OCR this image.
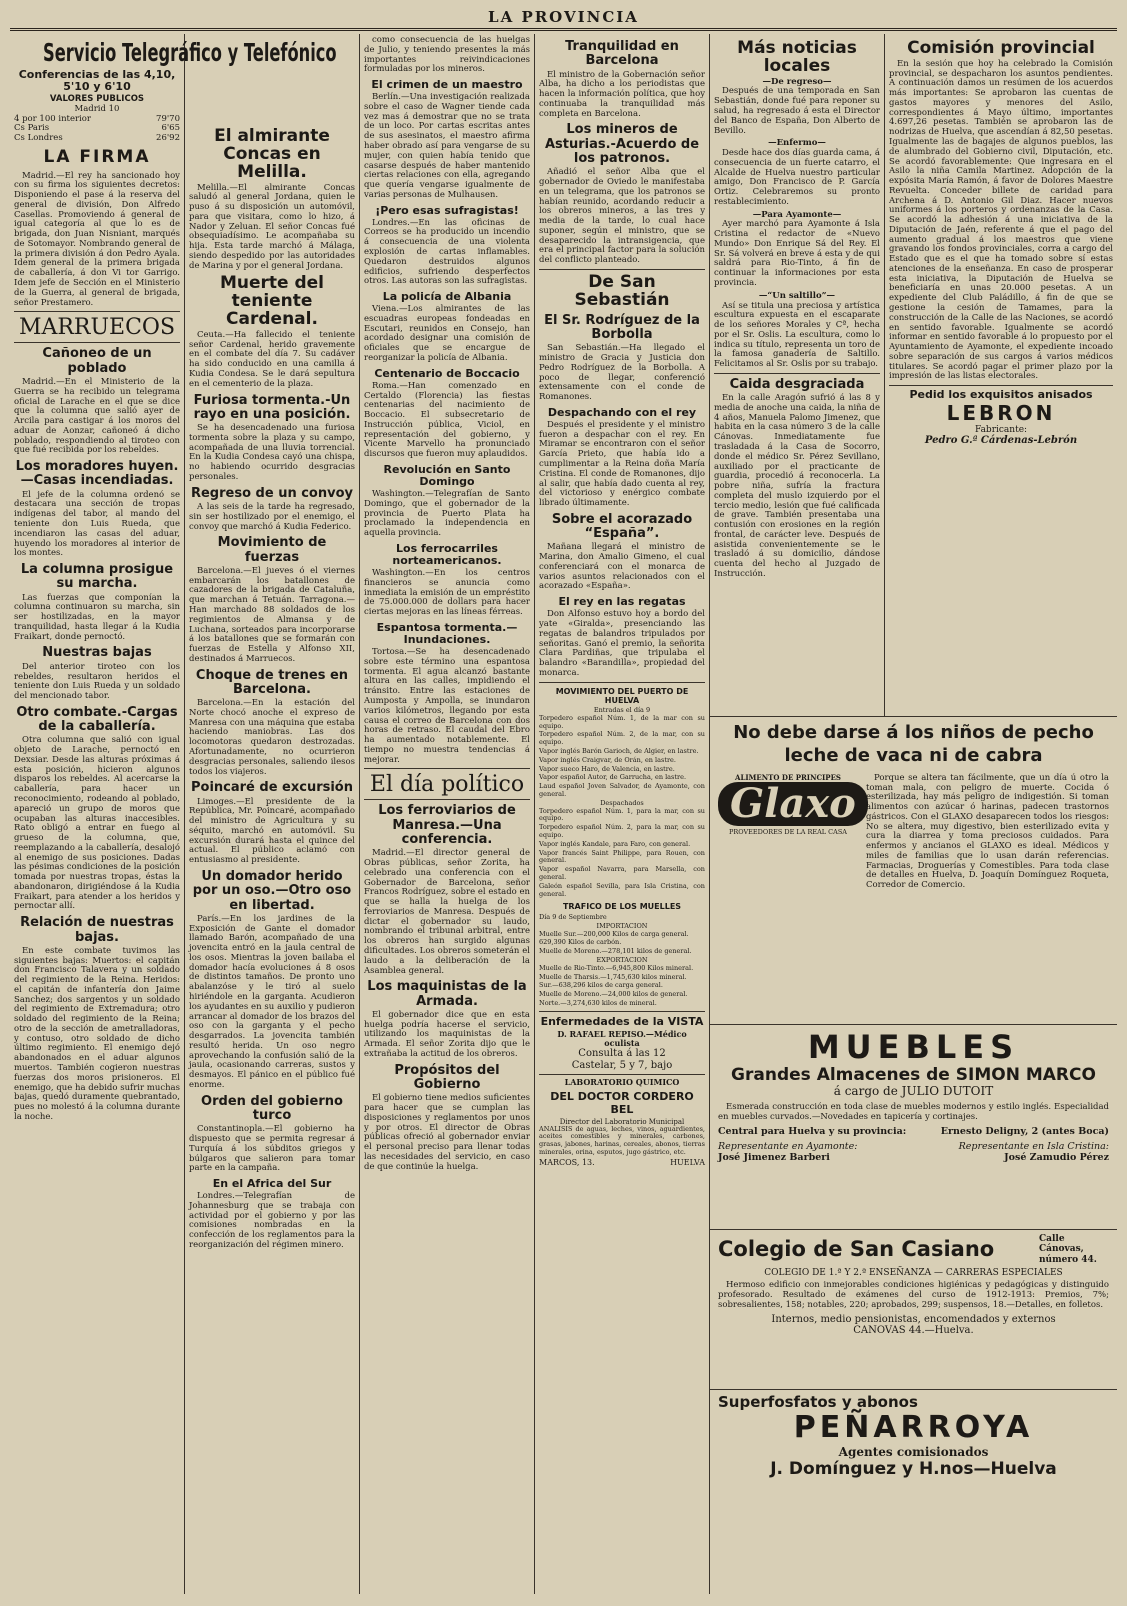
LA PROVINCIA
Servicio Telegráfico y Telefónico
Conferencias de las 4,10, 5'10 y 6'10
VALORES PUBLICOS
Madrid 10
4 por 100 interior	79'70
Cs Paris	6'65
Cs Londres	26'92
LA FIRMA

Madrid.—El rey ha sancionado hoy con su firma los siguientes decretos: Disponiendo el pase á la reserva del general de división, Don Alfredo Casellas. Promoviendo á general de igual categoría al que lo es de brigada, don Juan Nisniant, marqués de Sotomayor. Nombrando general de la primera división á don Pedro Ayala. Idem general de la primera brigada de caballería, á don Vi tor Garrigo. Idem jefe de Sección en el Ministerio de la Guerra, al general de brigada, señor Prestamero.

MARRUECOS
Cañoneo de un poblado

Madrid.—En el Ministerio de la Guerra se ha recibido un telegrama oficial de Larache en el que se dice que la columna que salió ayer de Arcila para castigar á los moros del aduar de Aonzar, cañoneó á dicho poblado, respondiendo al tiroteo con que fué recibida por los rebeldes.

Los moradores huyen.—Casas incendiadas.

El jefe de la columna ordenó se destacara una sección de tropas indígenas del tabor, al mando del teniente don Luis Rueda, que incendiaron las casas del aduar, huyendo los moradores al interior de los montes.

La columna prosigue su marcha.

Las fuerzas que componían la columna continuaron su marcha, sin ser hostilizadas, en la mayor tranquilidad, hasta llegar á la Kudia Fraikart, donde pernoctó.

Nuestras bajas

Del anterior tiroteo con los rebeldes, resultaron heridos el teniente don Luis Rueda y un soldado del mencionado tabor.

Otro combate.-Cargas de la caballería.

Otra columna que salió con igual objeto de Larache, pernoctó en Dexsiar. Desde las alturas próximas á esta posición, hicieron algunos disparos los rebeldes. Al acercarse la caballería, para hacer un reconocimiento, rodeando al poblado, apareció un grupo de moros que ocupaban las alturas inaccesibles. Rato obligó a entrar en fuego al grueso de la columna, que, reemplazando a la caballería, desalojó al enemigo de sus posiciones. Dadas las pésimas condiciones de la posición tomada por nuestras tropas, éstas la abandonaron, dirigiéndose á la Kudia Fraikart, para atender a los heridos y pernoctar allí.

Relación de nuestras bajas.

En este combate tuvimos las siguientes bajas: Muertos: el capitán don Francisco Talavera y un soldado del regimiento de la Reina. Heridos: el capitán de infantería don Jaime Sanchez; dos sargentos y un soldado del regimiento de Extremadura; otro soldado del regimiento de la Reina; otro de la sección de ametralladoras, y contuso, otro soldado de dicho último regimiento. El enemigo dejó abandonados en el aduar algunos muertos. También cogieron nuestras fuerzas dos moros prisioneros. El enemigo, que ha debido sufrir muchas bajas, quedó duramente quebrantado, pues no molestó á la columna durante la noche.

El almirante Concas en Melilla.

Melilla.—El almirante Concas saludó al general Jordana, quien le puso á su disposición un automóvil, para que visitara, como lo hizo, á Nador y Zeluan. El señor Concas fué obsequiadísimo. Le acompañaba su hija. Esta tarde marchó á Málaga, siendo despedido por las autoridades de Marina y por el general Jordana.

Muerte del teniente Cardenal.

Ceuta.—Ha fallecido el teniente señor Cardenal, herido gravemente en el combate del día 7. Su cadáver ha sido conducido en una camilla á Kudia Condesa. Se le dará sepultura en el cementerio de la plaza.

Furiosa tormenta.-Un rayo en una posición.

Se ha desencadenado una furiosa tormenta sobre la plaza y su campo, acompañada de una lluvia torrencial. En la Kudia Condesa cayó una chispa, no habiendo ocurrido desgracias personales.

Regreso de un convoy

A las seis de la tarde ha regresado, sin ser hostilizado por el enemigo, el convoy que marchó á Kudia Federico.

Movimiento de fuerzas

Barcelona.—El jueves ó el viernes embarcarán los batallones de cazadores de la brigada de Cataluña, que marchan á Tetuán. Tarragona.—Han marchado 88 soldados de los regimientos de Almansa y de Luchana, sorteados para incorporarse á los batallones que se formarán con fuerzas de Estella y Alfonso XII, destinados á Marruecos.

Choque de trenes en Barcelona.

Barcelona.—En la estación del Norte chocó anoche el expreso de Manresa con una máquina que estaba haciendo maniobras. Las dos locomotoras quedaron destrozadas. Afortunadamente, no ocurrieron desgracias personales, saliendo ilesos todos los viajeros.

Poincaré de excursión

Limoges.—El presidente de la República, Mr. Poincaré, acompañado del ministro de Agricultura y su séquito, marchó en automóvil. Su excursión durará hasta el quince del actual. El público aclamó con entusiasmo al presidente.

Un domador herido por un oso.—Otro oso en libertad.

París.—En los jardines de la Exposición de Gante el domador llamado Barón, acompañado de una jovencita entró en la jaula central de los osos. Mientras la joven bailaba el domador hacía evoluciones á 8 osos de distintos tamaños. De pronto uno abalanzóse y le tiró al suelo hiriéndole en la garganta. Acudieron los ayudantes en su auxilio y pudieron arrancar al domador de los brazos del oso con la garganta y el pecho desgarrados. La jovencita también resultó herida. Un oso negro aprovechando la confusión salió de la jaula, ocasionando carreras, sustos y desmayos. El pánico en el público fué enorme.

Orden del gobierno turco

Constantinopla.—El gobierno ha dispuesto que se permita regresar á Turquía á los súbditos griegos y búlgaros que salieron para tomar parte en la campaña.

En el Africa del Sur

Londres.—Telegrafían de Johannesburg que se trabaja con actividad por el gobierno y por las comisiones nombradas en la confección de los reglamentos para la reorganización del régimen minero.

como consecuencia de las huelgas de Julio, y teniendo presentes la más importantes reivindicaciones formuladas por los mineros.

El crimen de un maestro

Berlín.—Una investigación realizada sobre el caso de Wagner tiende cada vez mas á demostrar que no se trata de un loco. Por cartas escritas antes de sus asesinatos, el maestro afirma haber obrado así para vengarse de su mujer, con quien había tenido que casarse después de haber mantenido ciertas relaciones con ella, agregando que quería vengarse igualmente de varias personas de Mulhausen.

¡Pero esas sufragistas!

Londres.—En las oficinas de Correos se ha producido un incendio á consecuencia de una violenta explosión de cartas inflamables. Quedaron destruidos algunos edificios, sufriendo desperfectos otros. Las autoras son las sufragistas.

La policía de Albania

Viena.—Los almirantes de las escuadras europeas fondeadas en Escutari, reunidos en Consejo, han acordado designar una comisión de oficiales que se encargue de reorganizar la policía de Albania.

Centenario de Boccacio

Roma.—Han comenzado en Certaldo (Florencia) las fiestas centenarias del nacimiento de Boccacio. El subsecretario de Instrucción pública, Viciol, en representación del gobierno, y Vicente Marvello ha pronunciado discursos que fueron muy aplaudidos.

Revolución en Santo Domingo

Washington.—Telegrafían de Santo Domingo, que el gobernador de la provincia de Puerto Plata ha proclamado la independencia en aquella provincia.

Los ferrocarriles norteamericanos.

Washington.—En los centros financieros se anuncia como inmediata la emisión de un empréstito de 75.000.000 de dollars para hacer ciertas mejoras en las líneas férreas.

Espantosa tormenta.—Inundaciones.

Tortosa.—Se ha desencadenado sobre este término una espantosa tormenta. El agua alcanzó bastante altura en las calles, impidiendo el tránsito. Entre las estaciones de Aumposta y Ampolla, se inundaron varios kilómetros, llegando por esta causa el correo de Barcelona con dos horas de retraso. El caudal del Ebro ha aumentado notablemente. El tiempo no muestra tendencias á mejorar.

El día político
Los ferroviarios de Manresa.—Una conferencia.

Madrid.—El director general de Obras públicas, señor Zorita, ha celebrado una conferencia con el Gobernador de Barcelona, señor Francos Rodríguez, sobre el estado en que se halla la huelga de los ferroviarios de Manresa. Después de dictar el gobernador su laudo, nombrando el tribunal arbitral, entre los obreros han surgido algunas dificultades. Los obreros someterán el laudo a la deliberación de la Asamblea general.

Los maquinistas de la Armada.

El gobernador dice que en esta huelga podría hacerse el servicio, utilizando los maquinistas de la Armada. El señor Zorita dijo que le extrañaba la actitud de los obreros.

Propósitos del Gobierno

El gobierno tiene medios suficientes para hacer que se cumplan las disposiciones y reglamentos por unos y por otros. El director de Obras públicas ofreció al gobernador enviar el personal preciso para llenar todas las necesidades del servicio, en caso de que continúe la huelga.

Tranquilidad en Barcelona

El ministro de la Gobernación señor Alba, ha dicho a los periodistas que hacen la información política, que hoy continuaba la tranquilidad más completa en Barcelona.

Los mineros de Asturias.-Acuerdo de los patronos.

Añadió el señor Alba que el gobernador de Oviedo le manifestaba en un telegrama, que los patronos se habían reunido, acordando reducir a los obreros mineros, a las tres y media de la tarde, lo cual hace suponer, según el ministro, que se desaparecido la intransigencia, que era el principal factor para la solución del conflicto planteado.

De San Sebastián
El Sr. Rodríguez de la Borbolla

San Sebastián.—Ha llegado el ministro de Gracia y Justicia don Pedro Rodríguez de la Borbolla. A poco de llegar, conferenció extensamente con el conde de Romanones.

Despachando con el rey

Después el presidente y el ministro fueron a despachar con el rey. En Miramar se encontraron con el señor García Prieto, que había ido a cumplimentar a la Reina doña María Cristina. El conde de Romanones, dijo al salir, que había dado cuenta al rey, del victorioso y enérgico combate librado últimamente.

Sobre el acorazado “España”.

Mañana llegará el ministro de Marina, don Amalio Gimeno, el cual conferenciará con el monarca de varios asuntos relacionados con el acorazado «España».

El rey en las regatas

Don Alfonso estuvo hoy a bordo del yate «Giralda», presenciando las regatas de balandros tripulados por señoritas. Ganó el premio, la señorita Clara Pardiñas, que tripulaba el balandro «Barandilla», propiedad del monarca.

MOVIMIENTO DEL PUERTO DE HUELVA
Entradas el día 9

Torpedero español Núm. 1, de la mar con su equipo.

Torpedero español Núm. 2, de la mar, con su equipo.

Vapor inglés Barón Garioch, de Algier, en lastre.

Vapor inglés Craigvar, de Orán, en lastre.

Vapor sueco Haro, de Valencia, en lastre.

Vapor español Autor, de Garrucha, en lastre.

Laud español Joven Salvador, de Ayamonte, con general.

Despachados

Torpedero español Núm. 1, para la mar, con su equipo.

Torpedero español Núm. 2, para la mar, con su equipo.

Vapor inglés Kandale, para Faro, con general.

Vapor francés Saint Philippe, para Rouen, con general.

Vapor español Navarra, para Marsella, con general.

Galeón español Sevilla, para Isla Cristina, con general.

TRAFICO DE LOS MUELLES

Día 9 de Septiembre

IMPORTACION

Muelle Sur.—200,000 Kilos de carga general.

629,390 Kilos de carbón.

Muelle de Moreno.—278,101 kilos de general.

EXPORTACION

Muelle de Rio-Tinto.—6,945,800 Kilos mineral.

Muelle de Tharsis.—1,745,630 kilos mineral.

Sur.—638,296 kilos de carga general.

Muelle de Moreno.—24,000 kilos de general.

Norte.—3,274,630 kilos de mineral.

Enfermedades de la VISTA
D. RAFAEL REPISO.—Médico oculista
Consulta á las 12
Castelar, 5 y 7, bajo
LABORATORIO QUIMICO
DEL DOCTOR CORDERO BEL
Director del Laboratorio Municipal

ANALISIS de aguas, leches, vinos, aguardientes, aceites comestibles y minerales, carbones, grasas, jabones, harinas, cereales, abonos, tierras minerales, orina, esputos, jugo gástrico, etc.

MARCOS, 13.	HUELVA
Más noticias locales
—De regreso—

Después de una temporada en San Sebastián, donde fué para reponer su salud, ha regresado á esta el Director del Banco de España, Don Alberto de Bevillo.

—Enfermo—

Desde hace dos días guarda cama, á consecuencia de un fuerte catarro, el Alcalde de Huelva nuestro particular amigo, Don Francisco de P. García Ortiz. Celebraremos su pronto restablecimiento.

—Para Ayamonte—

Ayer marchó para Ayamonte á Isla Cristina el redactor de «Nuevo Mundo» Don Enrique Sá del Rey. El Sr. Sá volverá en breve á esta y de qui saldrá para Rio-Tinto, á fin de continuar la informaciones por esta provincia.

—“Un saltillo”—

Así se titula una preciosa y artística escultura expuesta en el escaparate de los señores Morales y Cª, hecha por el Sr. Oslis. La escultura, como lo indica su título, representa un toro de la famosa ganadería de Saltillo. Felicitamos al Sr. Oslis por su trabajo.

Caida desgraciada

En la calle Aragón sufrió á las 8 y media de anoche una caida, la niña de 4 años, Manuela Palomo Jimenez, que habita en la casa número 3 de la calle Cánovas. Inmediatamente fue trasladada á la Casa de Socorro, donde el médico Sr. Pérez Sevillano, auxiliado por el practicante de guardia, procedió á reconocerla. La pobre niña, sufría la fractura completa del muslo izquierdo por el tercio medio, lesión que fué calificada de grave. También presentaba una contusión con erosiones en la región frontal, de carácter leve. Después de asistida convenientemente se le trasladó á su domicilio, dándose cuenta del hecho al Juzgado de Instrucción.

Comisión provincial

En la sesión que hoy ha celebrado la Comisión provincial, se despacharon los asuntos pendientes. A continuación damos un resúmen de los acuerdos más importantes: Se aprobaron las cuentas de gastos mayores y menores del Asilo, correspondientes á Mayo último, importantes 4.697,26 pesetas. También se aprobaron las de nodrizas de Huelva, que ascendían á 82,50 pesetas. Igualmente las de bagajes de algunos pueblos, las de alumbrado del Gobierno civil, Diputación, etc. Se acordó favorablemente: Que ingresara en el Asilo la niña Camila Martinez. Adopción de la expósita María Ramón, á favor de Dolores Maestre Revuelta. Conceder billete de caridad para Archena á D. Antonio Gil Diaz. Hacer nuevos uniformes á los porteros y ordenanzas de la Casa. Se acordó la adhesión á una iniciativa de la Diputación de Jaén, referente á que el pago del aumento gradual á los maestros que viene gravando los fondos provinciales, corra a cargo del Estado que es el que ha tomado sobre sí estas atenciones de la enseñanza. En caso de prosperar esta iniciativa, la Diputación de Huelva se beneficiaría en unas 20.000 pesetas. A un expediente del Club Paládillo, á fin de que se gestione la cesión de Tamames, para la construcción de la Calle de las Naciones, se acordó en sentido favorable. Igualmente se acordó informar en sentido favorable á lo propuesto por el Ayuntamiento de Ayamonte, el expediente incoado sobre separación de sus cargos á varios médicos titulares. Se acordó pagar el primer plazo por la impresión de las listas electorales.

Pedid los exquisitos anisados
LEBRON
Fabricante:
Pedro G.ª Cárdenas-Lebrón
No debe darse á los niños de pecho leche de vaca ni de cabra
ALIMENTO DE PRINCIPES
Glaxo
PROVEEDORES DE LA REAL CASA

Porque se altera tan fácilmente, que un día ú otro la toman mala, con peligro de muerte. Cocida ó esterilizada, hay más peligro de indigestión. Si toman alimentos con azúcar ó harinas, padecen trastornos gástricos. Con el GLAXO desaparecen todos los riesgos: No se altera, muy digestivo, bien esterilizado evita y cura la diarrea y toma preciosos cuidados. Para enfermos y ancianos el GLAXO es ideal. Médicos y miles de familias que lo usan darán referencias. Farmacias, Droguerías y Comestibles. Para toda clase de detalles en Huelva, D. Joaquín Domínguez Roqueta, Corredor de Comercio.

MUEBLES
Grandes Almacenes de SIMON MARCO
á cargo de JULIO DUTOIT

Esmerada construcción en toda clase de muebles modernos y estilo inglés. Especialidad en muebles curvados.—Novedades en tapicería y cortinajes.

Central para Huelva y su provincia:	Ernesto Deligny, 2 (antes Boca)
Representante en Ayamonte:	Representante en Isla Cristina:
José Jimenez Barberi	José Zamudio Pérez
Colegio de San Casiano	Calle Cánovas, número 44.
COLEGIO DE 1.ª Y 2.ª ENSEÑANZA — CARRERAS ESPECIALES

Hermoso edificio con inmejorables condiciones higiénicas y pedagógicas y distinguido profesorado. Resultado de exámenes del curso de 1912-1913: Premios, 7%; sobresalientes, 158; notables, 220; aprobados, 299; suspensos, 18.—Detalles, en folletos.

Internos, medio pensionistas, encomendados y externos
CANOVAS 44.—Huelva.
Superfosfatos y abonos
PEÑARROYA
Agentes comisionados
J. Domínguez y H.nos—Huelva
